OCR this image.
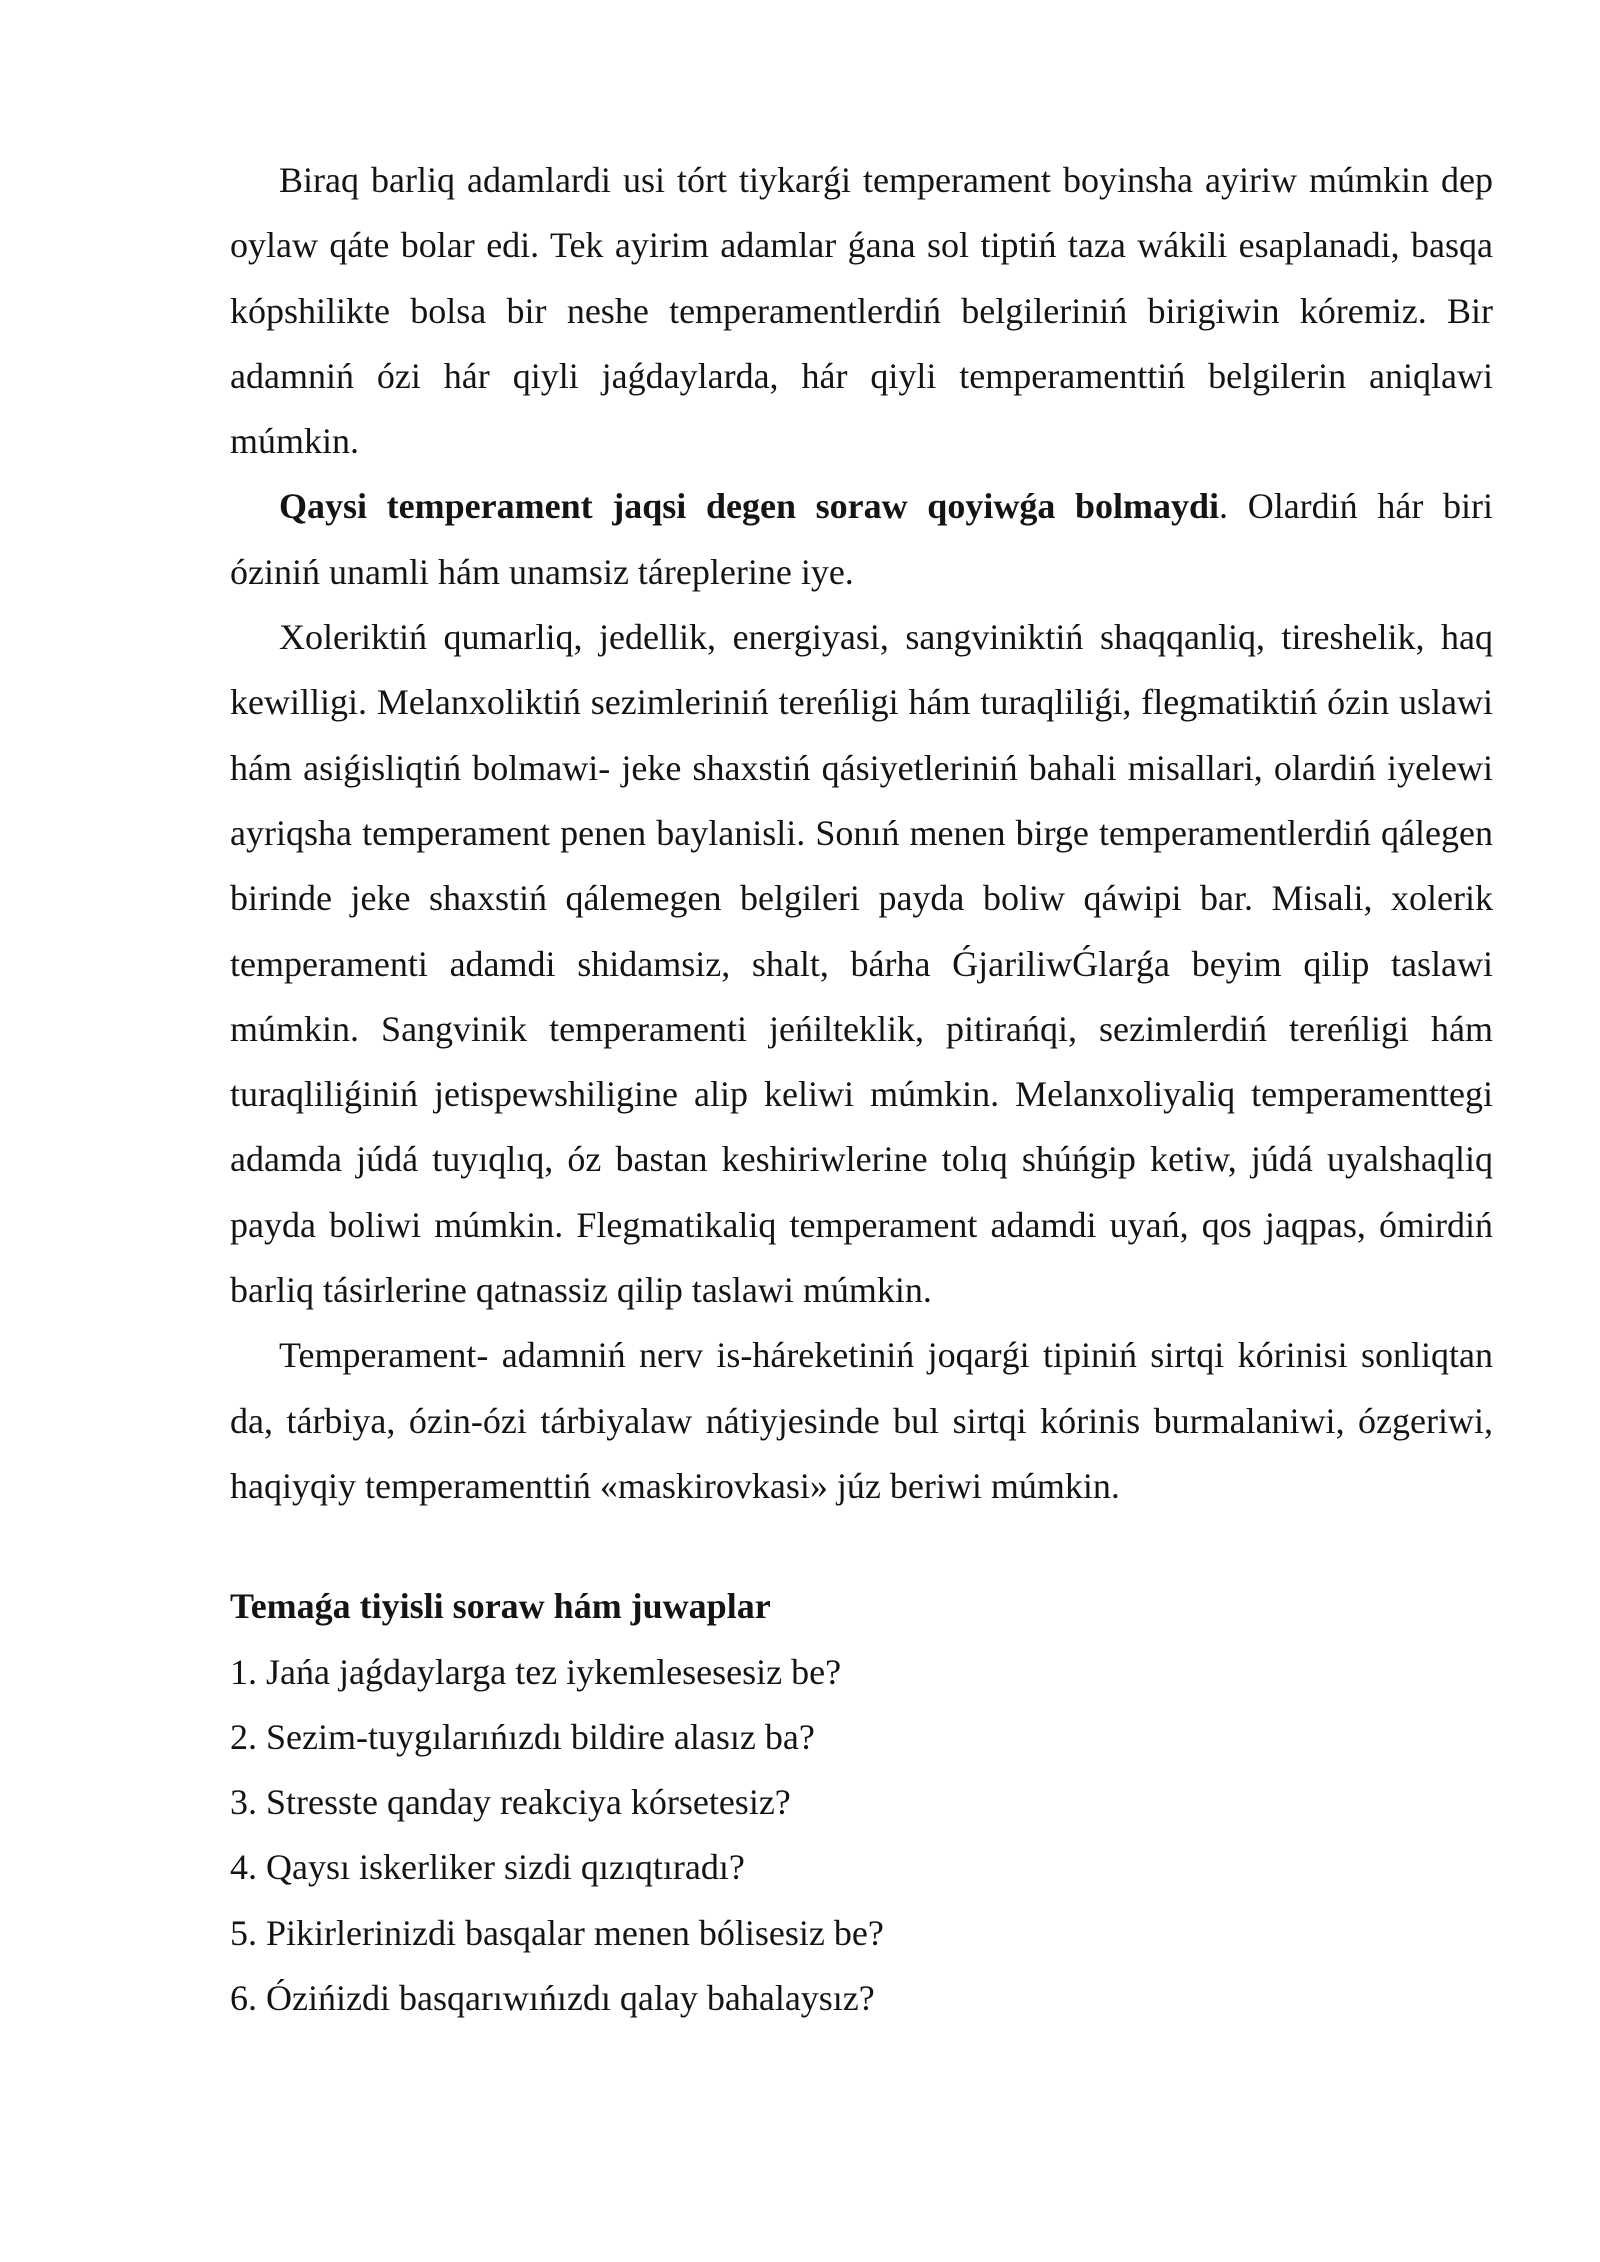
Biraq barliq adamlardi usi tórt tiykarǵi temperament boyinsha ayiriw múmkin dep oylaw qáte bolar edi. Tek ayirim adamlar ǵana sol tiptiń taza wákili esaplanadi, basqa kópshilikte bolsa bir neshe temperamentlerdiń belgileriniń birigiwin kóremiz. Bir adamniń ózi hár qiyli jaǵdaylarda, hár qiyli temperamenttiń belgilerin aniqlawi múmkin.

Qaysi temperament jaqsi degen soraw qoyiwǵa bolmaydi. Olardiń hár biri óziniń unamli hám unamsiz táreplerine iye.

Xoleriktiń qumarliq, jedellik, energiyasi, sangviniktiń shaqqanliq, tireshelik, haq kewilligi. Melanxoliktiń sezimleriniń tereńligi hám turaqliliǵi, flegmatiktiń ózin uslawi hám asiǵisliqtiń bolmawi- jeke shaxstiń qásiyetleriniń bahali misallari, olardiń iyelewi ayriqsha temperament penen baylanisli. Sonıń menen birge temperamentlerdiń qálegen birinde jeke shaxstiń qálemegen belgileri payda boliw qáwipi bar. Misali, xolerik temperamenti adamdi shidamsiz, shalt, bárha ǴjariliwǴlarǵa beyim qilip taslawi múmkin. Sangvinik temperamenti jeńilteklik, pitirańqi, sezimlerdiń tereńligi hám turaqliliǵiniń jetispewshiligine alip keliwi múmkin. Melanxoliyaliq temperamenttegi adamda júdá tuyıqlıq, óz bastan keshiriwlerine tolıq shúńgip ketiw, júdá uyalshaqliq payda boliwi múmkin. Flegmatikaliq temperament adamdi uyań, qos jaqpas, ómirdiń barliq tásirlerine qatnassiz qilip taslawi múmkin.

Temperament- adamniń nerv is-háreketiniń joqarǵi tipiniń sirtqi kórinisi sonliqtan da, tárbiya, ózin-ózi tárbiyalaw nátiyjesinde bul sirtqi kórinis burmalaniwi, ózgeriwi, haqiyqiy temperamenttiń «maskirovkasi» júz beriwi múmkin.

Temaǵa tiyisli soraw hám juwaplar
1. Jańa jaǵdaylarga tez iykemlesesesiz be?
2. Sezim-tuygılarıńızdı bildire alasız ba?
3. Stresste qanday reakciya kórsetesiz?
4. Qaysı iskerliker sizdi qızıqtıradı?
5. Pikirlerinizdi basqalar menen bólisesiz be?
6. Ózińizdi basqarıwıńızdı qalay bahalaysız?
